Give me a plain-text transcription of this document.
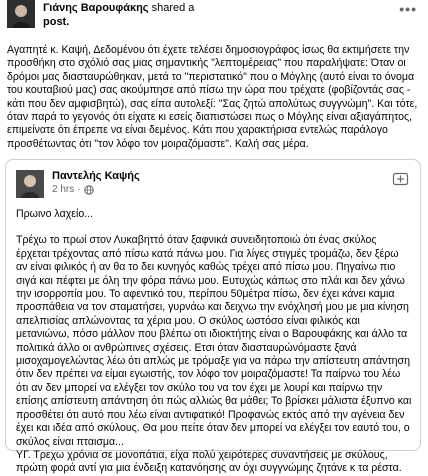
Γιάνης Βαρουφάκης shared a
post.
•••

Αγαπητέ κ. Καψή, Δεδομένου ότι έχετε τελέσει δημοσιογράφος ίσως θα εκτιμήσετε την προσθήκη στο σχόλιό σας μιας σημαντικής "λεπτομέρειας" που παραλήψατε: Όταν οι δρόμοι μας διασταυρώθηκαν, μετά το "περιστατικό" που ο Μόγλης (αυτό είναι το όνομα του κουταβιού μας) σας ακούμπησε από πίσω την ώρα που τρέχατε (φοβίζοντάς σας - κάτι που δεν αμφισβητώ), σας είπα αυτολεξί: "Σας ζητώ απολύτως συγγνώμη". Και τότε, όταν παρά το γεγονός ότι είχατε κι εσείς διαπιστώσει πως ο Μόγλης είναι αξιαγάπητος, επιμείνατε ότι έπρεπε να είναι δεμένος. Κάτι που χαρακτήρισα εντελώς παράλογο προσθέτωντας ότι "τον λόφο τον μοιραζόμαστε". Καλή σας μέρα.

Παντελής Καψής
2 hrs ·

Πρωινο λαχείο...

Τρέχω το πρωί στον Λυκαβηττό όταν ξαφνικά συνειδητοποιώ ότι ένας σκύλος έρχεται τρέχοντας από πίσω κατά πάνω μου. Για λίγες στιγμές τρομάζω, δεν ξέρω αν είναι φιλικός ή αν θα το δει κυνηγός καθώς τρέχει από πίσω μου. Πηγαίνω πιο σιγά και πέφτει με όλη την φόρα πάνω μου. Ευτυχώς κάπως στο πλάι και δεν χάνω την ισορροπία μου. Το αφεντικό του, περίπου 50μέτρα πίσω, δεν έχει κάνει καμια προσπάθεια να τον σταματήσει, γυρνάω και δειχνω την ενόχλησή μου με μια κίνηση απελπισίας απλώνοντας τα χέρια μου. Ο σκύλος ωστόσο είναι φιλικός και μετανιώνω, πόσο μάλλον που βλέπω οτι ιδιοκτήτης είναι ο Βαρουφάκης και άλλο τα πολιτικά άλλο οι ανθρώπινες σχέσεις. Ετσι όταν διασταυρώνόμαστε ξανά μισοχαμογελώντας λέω ότι απλώς με τρόμαξε για να πάρω την απίστευτη απάντηση ότιν δεν πρέπει να είμαι εγωιστής, τον λόφο τον μοιραζόμαστε! Τα παίρνω του λέω ότι αν δεν μπορεί να ελέγξει τον σκύλο του να τον έχει με λουρί και παίρνω την επίσης απίστευτη απάντηση ότι πώς αλλιώς θα μάθει; Το βρίσκει μάλιστα έξυπνο και προσθέτει ότι αυτό που λέω είναι αντιφατικό! Προφανώς εκτός από την αγένεια δεν έχει και ιδέα από σκύλους. Θα μου πείτε όταν δεν μπορεί να ελέγξει τον εαυτό του, ο σκύλος είναι πταισμα...

ΥΓ. Τρεχω χρόνια σε μονοπάτια, είχα πολύ χειρότερες συναντήσεις με σκύλους, πρώτη φορά αντί για μια ένδειξη κατανόησης αν όχι συγγνώμης ζητάνε κ τα ρέστα.
